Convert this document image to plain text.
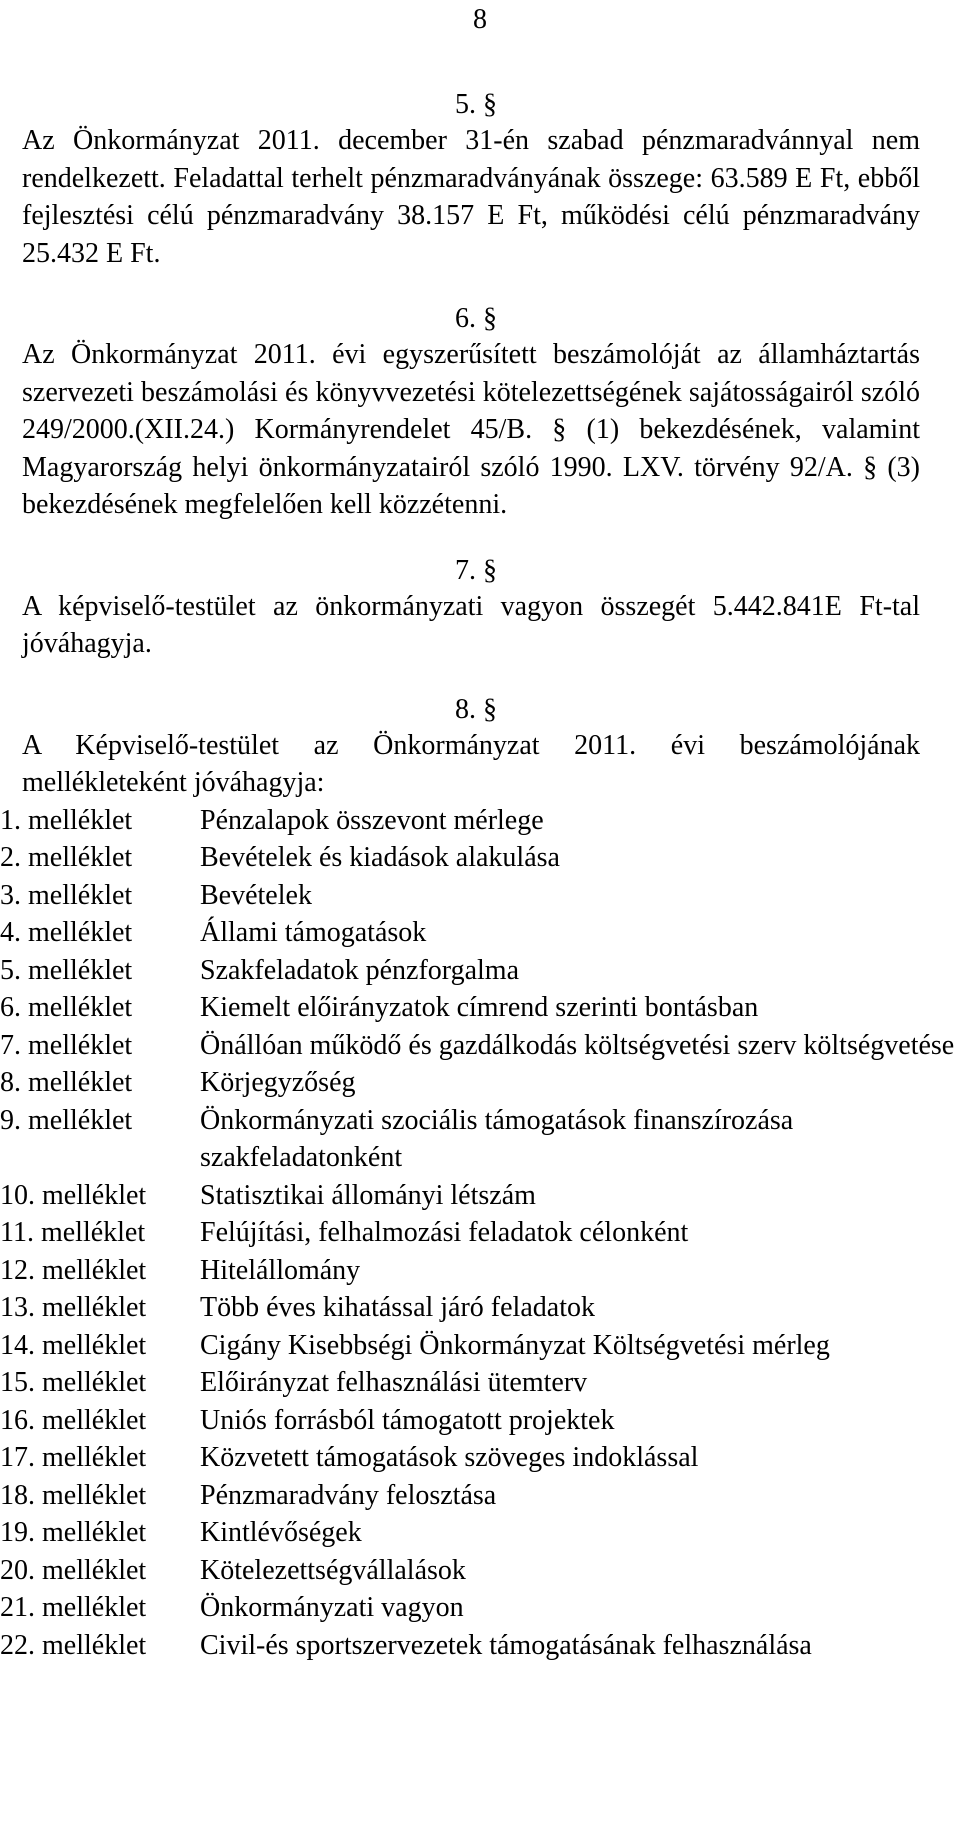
8
5. §
Az Önkormányzat 2011. december 31-én szabad pénzmaradvánnyal nem rendelkezett. Feladattal terhelt pénzmaradványának összege: 63.589 E Ft, ebből fejlesztési célú pénzmaradvány 38.157 E Ft, működési célú pénzmaradvány 25.432 E Ft.
6. §
Az Önkormányzat 2011. évi egyszerűsített beszámolóját az államháztartás szervezeti beszámolási és könyvvezetési kötelezettségének sajátosságairól szóló 249/2000.(XII.24.) Kormányrendelet 45/B. § (1) bekezdésének, valamint Magyarország helyi önkormányzatairól szóló 1990. LXV. törvény 92/A. § (3) bekezdésének megfelelően kell közzétenni.
7. §
A képviselő-testület az önkormányzati vagyon összegét 5.442.841E Ft-tal jóváhagyja.
8. §
A Képviselő-testület az Önkormányzat 2011. évi beszámolójának mellékleteként jóváhagyja:
1. melléklet	Pénzalapok összevont mérlege
2. melléklet	Bevételek és kiadások alakulása
3. melléklet	Bevételek
4. melléklet	Állami támogatások
5. melléklet	Szakfeladatok pénzforgalma
6. melléklet	Kiemelt előirányzatok címrend szerinti bontásban
7. melléklet	Önállóan működő és gazdálkodás költségvetési szerv költségvetése
8. melléklet	Körjegyzőség
9. melléklet	Önkormányzati szociális támogatások finanszírozása szakfeladatonként
10. melléklet	Statisztikai állományi létszám
11. melléklet	Felújítási, felhalmozási feladatok célonként
12. melléklet	Hitelállomány
13. melléklet	Több éves kihatással járó feladatok
14. melléklet	Cigány Kisebbségi Önkormányzat Költségvetési mérleg
15. melléklet	Előirányzat felhasználási ütemterv
16. melléklet	Uniós forrásból támogatott projektek
17. melléklet	Közvetett támogatások szöveges indoklással
18. melléklet	Pénzmaradvány felosztása
19. melléklet	Kintlévőségek
20. melléklet	Kötelezettségvállalások
21. melléklet	Önkormányzati vagyon
22. melléklet	Civil-és sportszervezetek támogatásának felhasználása
